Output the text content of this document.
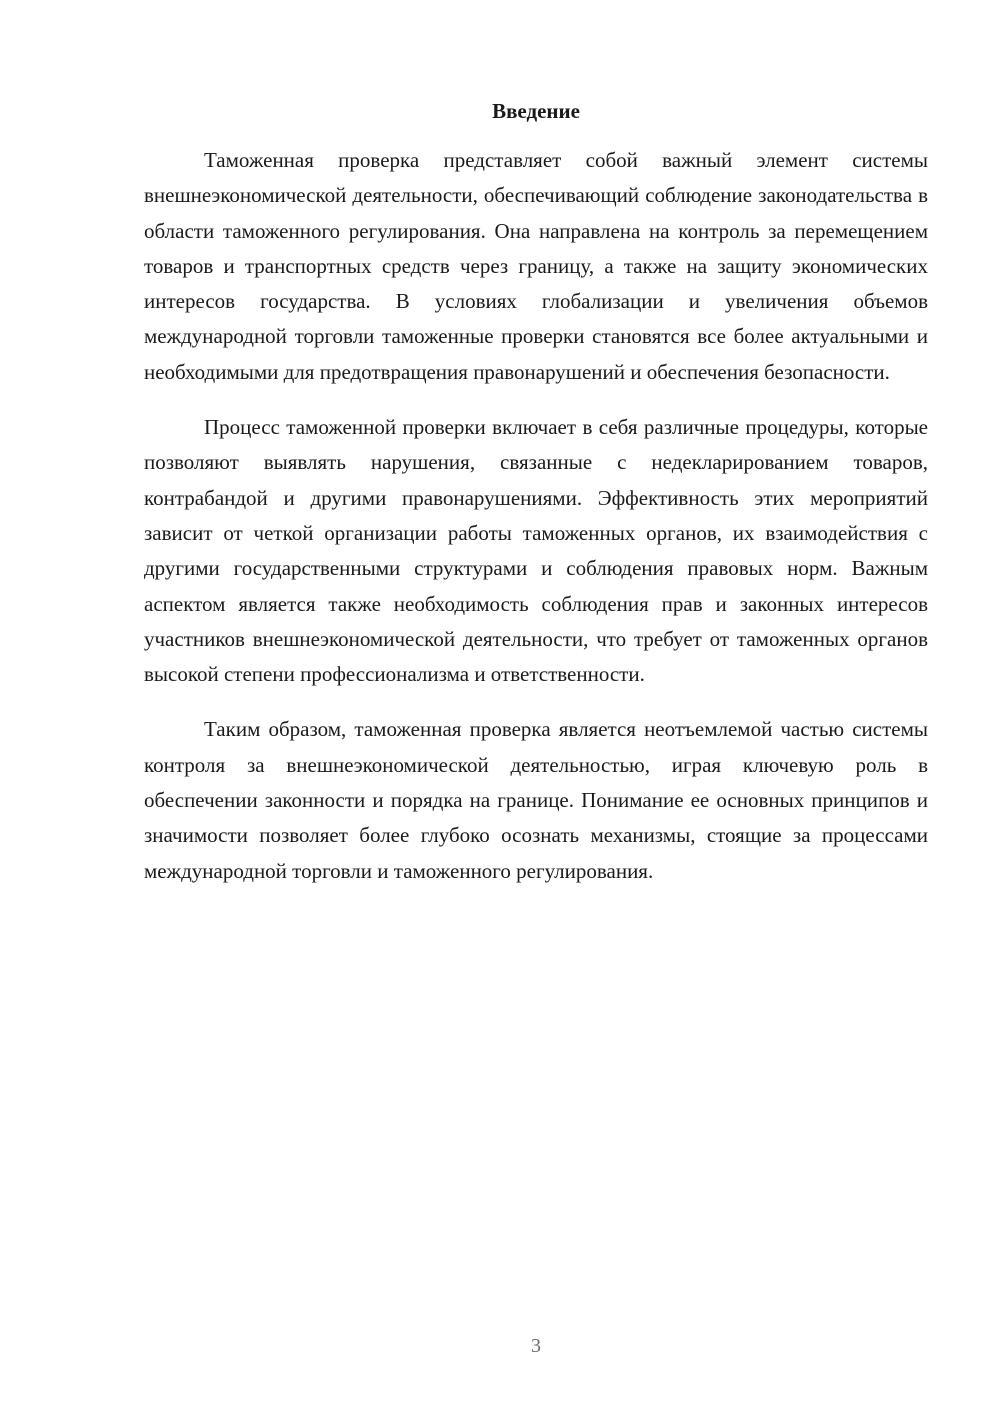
Введение

Таможенная проверка представляет собой важный элемент системы внешнеэкономической деятельности, обеспечивающий соблюдение законодательства в области таможенного регулирования. Она направлена на контроль за перемещением товаров и транспортных средств через границу, а также на защиту экономических интересов государства. В условиях глобализации и увеличения объемов международной торговли таможенные проверки становятся все более актуальными и необходимыми для предотвращения правонарушений и обеспечения безопасности.

Процесс таможенной проверки включает в себя различные процедуры, которые позволяют выявлять нарушения, связанные с недекларированием товаров, контрабандой и другими правонарушениями. Эффективность этих мероприятий зависит от четкой организации работы таможенных органов, их взаимодействия с другими государственными структурами и соблюдения правовых норм. Важным аспектом является также необходимость соблюдения прав и законных интересов участников внешнеэкономической деятельности, что требует от таможенных органов высокой степени профессионализма и ответственности.

Таким образом, таможенная проверка является неотъемлемой частью системы контроля за внешнеэкономической деятельностью, играя ключевую роль в обеспечении законности и порядка на границе. Понимание ее основных принципов и значимости позволяет более глубоко осознать механизмы, стоящие за процессами международной торговли и таможенного регулирования.

3
